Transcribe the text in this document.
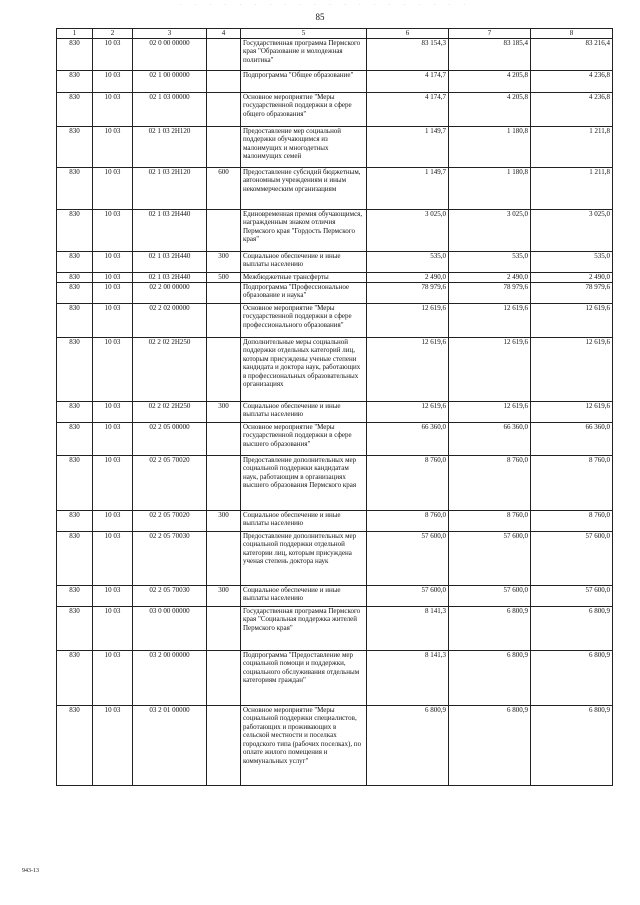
· · · · · · · · · · · · · · · · · · · ·
85
1	2	3	4	5	6	7	8
830	10 03	02 0 00 00000		Государственная программа Пермского края "Образование и молодежная политика"	83 154,3	83 185,4	83 216,4
830	10 03	02 1 00 00000		Подпрограмма "Общее образование"	4 174,7	4 205,8	4 236,8
830	10 03	02 1 03 00000		Основное мероприятие "Меры государственной поддержки в сфере общего образования"	4 174,7	4 205,8	4 236,8
830	10 03	02 1 03 2Н120		Предоставление мер социальной поддержки обучающимся из малоимущих и многодетных малоимущих семей	1 149,7	1 180,8	1 211,8
830	10 03	02 1 03 2Н120	600	Предоставление субсидий бюджетным, автономным учреждениям и иным некоммерческим организациям	1 149,7	1 180,8	1 211,8
830	10 03	02 1 03 2Н440		Единовременная премия обучающимся, награжденным знаком отличия Пермского края "Гордость Пермского края"	3 025,0	3 025,0	3 025,0
830	10 03	02 1 03 2Н440	300	Социальное обеспечение и иные выплаты населению	535,0	535,0	535,0
830	10 03	02 1 03 2Н440	500	Межбюджетные трансферты	2 490,0	2 490,0	2 490,0
830	10 03	02 2 00 00000		Подпрограмма "Профессиональное образование и наука"	78 979,6	78 979,6	78 979,6
830	10 03	02 2 02 00000		Основное мероприятие "Меры государственной поддержки в сфере профессионального образования"	12 619,6	12 619,6	12 619,6
830	10 03	02 2 02 2Н250		Дополнительные меры социальной поддержки отдельных категорий лиц, которым присуждены ученые степени кандидата и доктора наук, работающих в профессиональных образовательных организациях	12 619,6	12 619,6	12 619,6
830	10 03	02 2 02 2Н250	300	Социальное обеспечение и иные выплаты населению	12 619,6	12 619,6	12 619,6
830	10 03	02 2 05 00000		Основное мероприятие "Меры государственной поддержки в сфере высшего образования"	66 360,0	66 360,0	66 360,0
830	10 03	02 2 05 70020		Предоставление дополнительных мер социальной поддержки кандидатам наук, работающим в организациях высшего образования Пермского края	8 760,0	8 760,0	8 760,0
830	10 03	02 2 05 70020	300	Социальное обеспечение и иные выплаты населению	8 760,0	8 760,0	8 760,0
830	10 03	02 2 05 70030		Предоставление дополнительных мер социальной поддержки отдельной категории лиц, которым присуждена ученая степень доктора наук	57 600,0	57 600,0	57 600,0
830	10 03	02 2 05 70030	300	Социальное обеспечение и иные выплаты населению	57 600,0	57 600,0	57 600,0
830	10 03	03 0 00 00000		Государственная программа Пермского края "Социальная поддержка жителей Пермского края"	8 141,3	6 800,9	6 800,9
830	10 03	03 2 00 00000		Подпрограмма "Предоставление мер социальной помощи и поддержки, социального обслуживания отдельным категориям граждан"	8 141,3	6 800,9	6 800,9
830	10 03	03 2 01 00000		Основное мероприятие "Меры социальной поддержки специалистов, работающих и проживающих в сельской местности и поселках городского типа (рабочих поселках), по оплате жилого помещения и коммунальных услуг"	6 800,9	6 800,9	6 800,9
943-13
